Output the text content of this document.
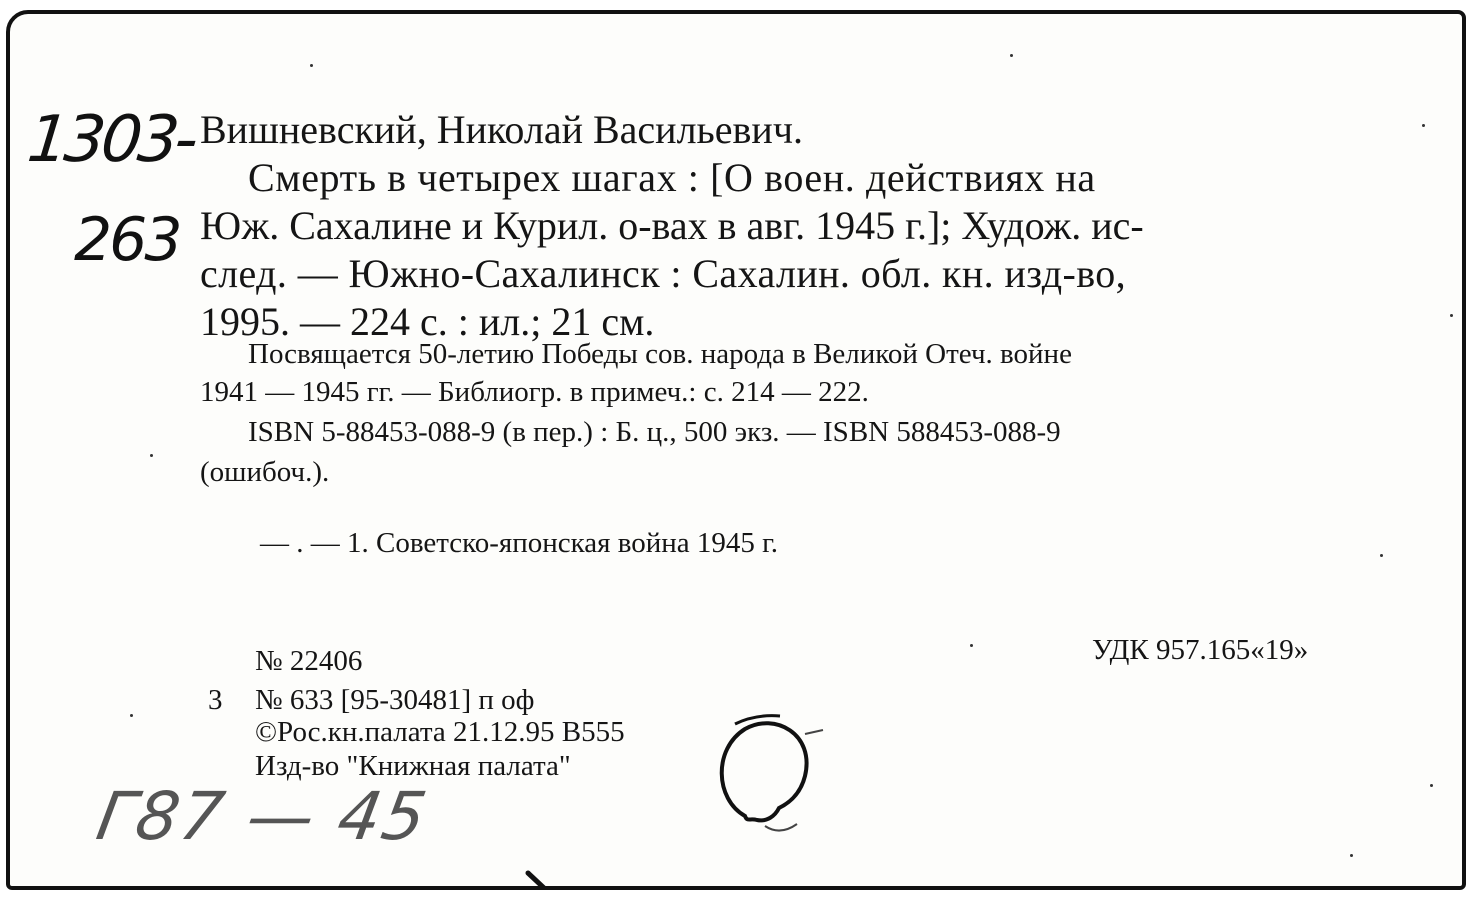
1303-
263
Вишневский, Николай Васильевич.
Смерть в четырех шагах : [О воен. действиях на
Юж. Сахалине и Курил. о-вах в авг. 1945 г.]; Худож. ис-
след. — Южно-Сахалинск : Сахалин. обл. кн. изд-во,
1995. — 224 с. : ил.; 21 см.
Посвящается 50-летию Победы сов. народа в Великой Отеч. войне
1941 — 1945 гг. — Библиогр. в примеч.: с. 214 — 222.
ISBN 5-88453-088-9 (в пер.) : Б. ц., 500 экз. — ISBN 588453-088-9
(ошибоч.).
— . — 1. Советско-японская война 1945 г.
№ 22406	УДК 957.165«19»
3 № 633 [95-30481] п оф
©Рос.кн.палата 21.12.95 В555
Изд-во "Книжная палата"
Г87 — 45
